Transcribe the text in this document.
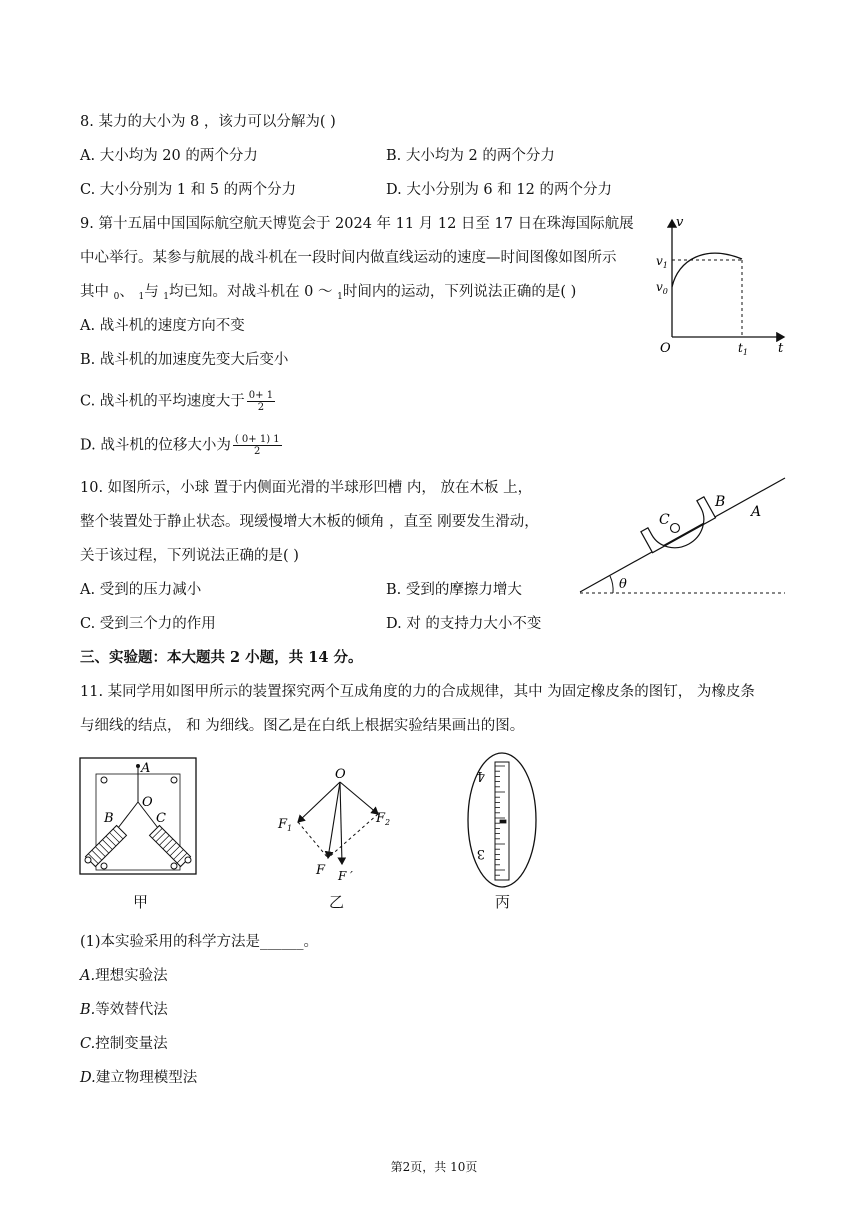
8. 某力的大小为 8 ，该力可以分解为( )
A. 大小均为 20 的两个分力	B. 大小均为 2 的两个分力
C. 大小分别为 1 和 5 的两个分力	D. 大小分别为 6 和 12 的两个分力
9. 第十五届中国国际航空航天博览会于 2024 年 11 月 12 日至 17 日在珠海国际航展
中心举行。某参与航展的战斗机在一段时间内做直线运动的速度—时间图像如图所示
其中 $_0$、 $_1$与 $_1$均已知。对战斗机在 0 ～ $_1$时间内的运动，下列说法正确的是( )
A. 战斗机的速度方向不变
B. 战斗机的加速度先变大后变小
C. 战斗机的平均速度大于 $\frac{0+ 1}{2}$
D. 战斗机的位移大小为 $\frac{( 0+ 1) 1}{2}$
v
$v_1$
$v_0$
O	$t_1$ t
10. 如图所示，小球 置于内侧面光滑的半球形凹槽 内， 放在木板 上，
整个装置处于静止状态。现缓慢增大木板的倾角 ，直至 刚要发生滑动，
关于该过程，下列说法正确的是( )
A. 受到的压力减小	B. 受到的摩擦力增大
C. 受到三个力的作用	D. 对 的支持力大小不变
B
A
C
θ
三、实验题：本大题共 2 小题，共 14 分。
11. 某同学用如图甲所示的装置探究两个互成角度的力的合成规律，其中 为固定橡皮条的图钉， 为橡皮条
与细线的结点， 和 为细线。图乙是在白纸上根据实验结果画出的图。
A
O
B	C
甲
O
$F_1$
$F_2$
F F ′
乙
4
3
丙
(1)本实验采用的科学方法是______。
A.理想实验法
B.等效替代法
C.控制变量法
D.建立物理模型法
第2页，共 10页
